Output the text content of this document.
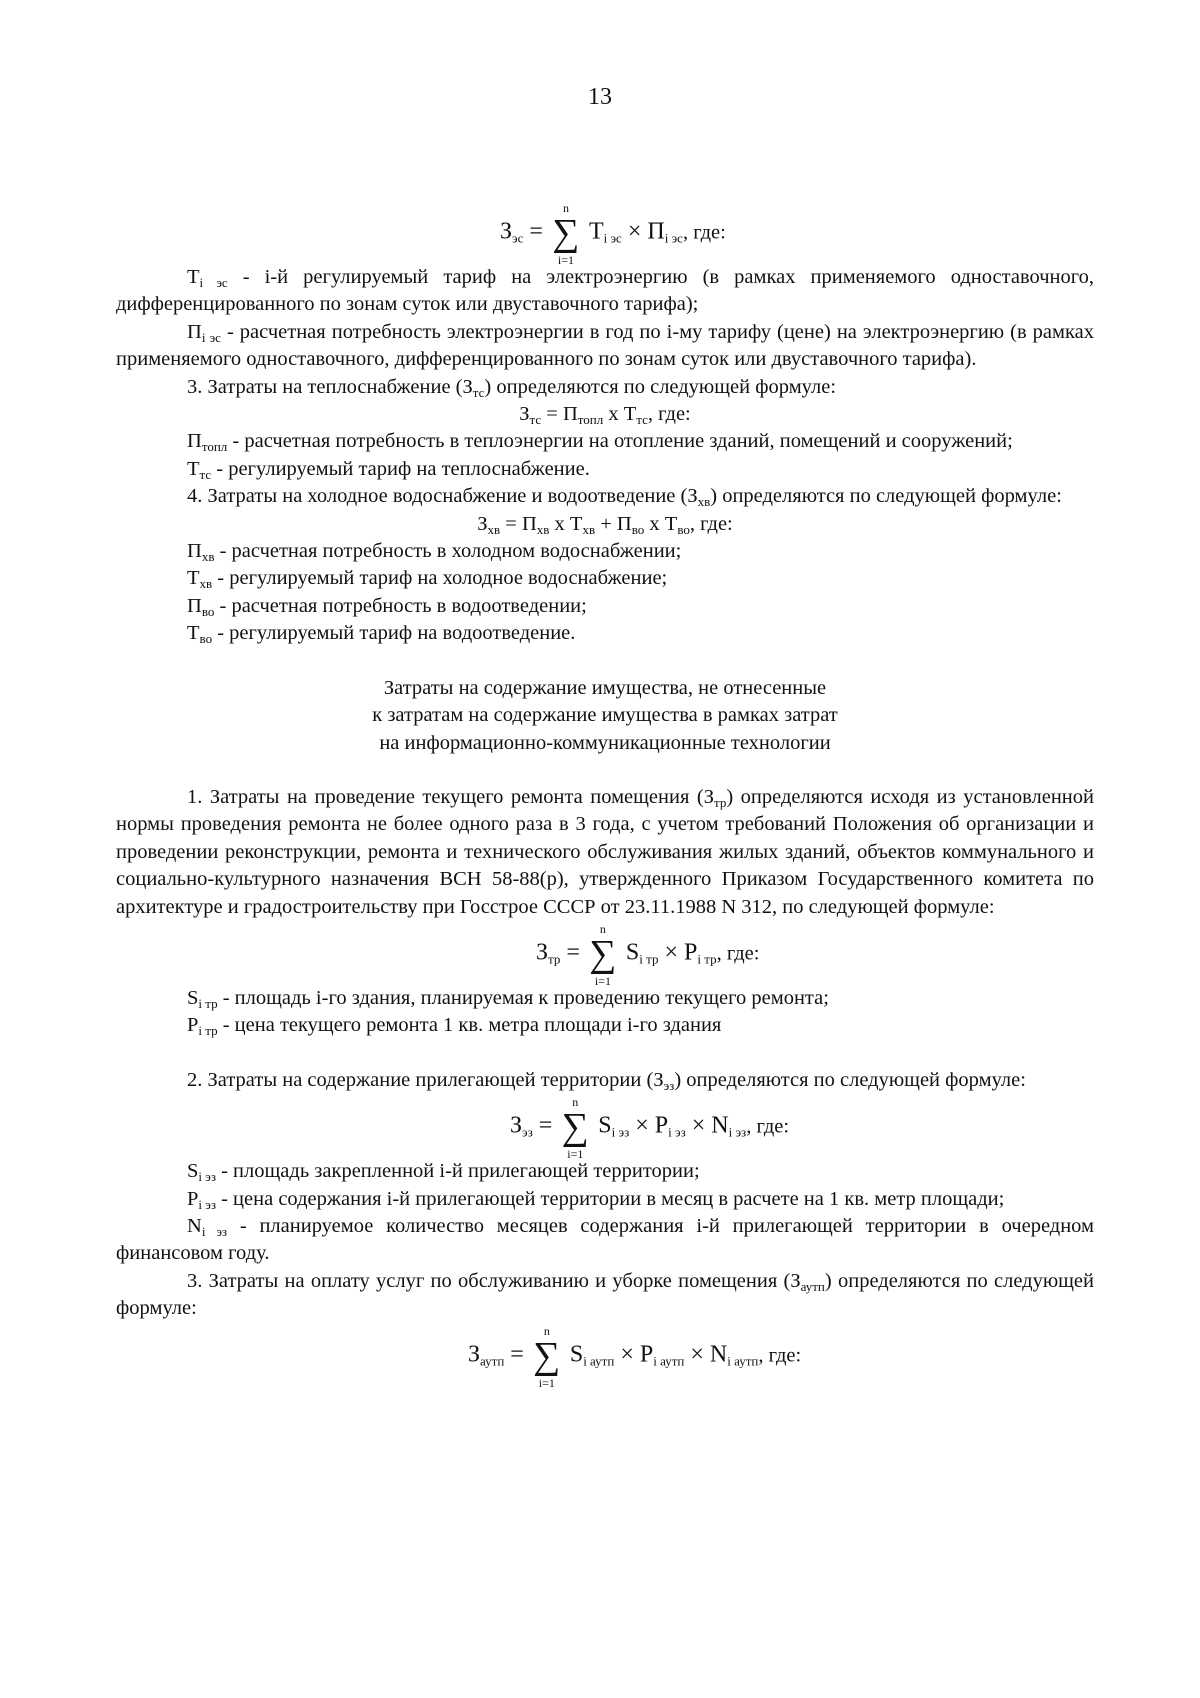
13
$З_{эс}$ =
n
∑
i=1
$Т_{i эс} \times П_{i эс}$, где:

$Т_{i эс} - i-й$ регулируемый тариф на электроэнергию (в рамках применяемого одноставочного, дифференцированного по зонам суток или двуставочного тарифа);

$П_{i эс}$ - расчетная потребность электроэнергии в год по i-му тарифу (цене) на электроэнергию (в рамках применяемого одноставочного, дифференцированного по зонам суток или двуставочного тарифа).

3. Затраты на теплоснабжение $(З_{тс})$ определяются по следующей формуле:

$З_{тс} = П_{топл}$ x $Т_{тс}$, где:

$П_{топл}$ - расчетная потребность в теплоэнергии на отопление зданий, помещений и сооружений;

$Т_{тс}$ - регулируемый тариф на теплоснабжение.

4. Затраты на холодное водоснабжение и водоотведение $(З_{хв})$ определяются по следующей формуле:

$З_{хв} = П_{хв}$ x $Т_{хв} + П_{во}$ x $Т_{во}$, где:

$П_{хв}$ - расчетная потребность в холодном водоснабжении;

$Т_{хв}$ - регулируемый тариф на холодное водоснабжение;

$П_{во}$ - расчетная потребность в водоотведении;

$Т_{во}$ - регулируемый тариф на водоотведение.

Затраты на содержание имущества, не отнесенные
к затратам на содержание имущества в рамках затрат
на информационно-коммуникационные технологии

1. Затраты на проведение текущего ремонта помещения $(З_{тр})$ определяются исходя из установленной нормы проведения ремонта не более одного раза в 3 года, с учетом требований Положения об организации и проведении реконструкции, ремонта и технического обслуживания жилых зданий, объектов коммунального и социально-культурного назначения ВСН 58-88(р), утвержденного Приказом Государственного комитета по архитектуре и градостроительству при Госстрое СССР от 23.11.1988 N 312, по следующей формуле:

$З_{тр}$ =
n
∑
i=1
$S_{i тр} \times P_{i тр}$, где:

$S_{i тр}$ - площадь i-го здания, планируемая к проведению текущего ремонта;

$P_{i тр}$ - цена текущего ремонта 1 кв. метра площади i-го здания

2. Затраты на содержание прилегающей территории $(З_{эз})$ определяются по следующей формуле:

$З_{эз}$ =
n
∑
i=1
$S_{i эз} \times P_{i эз} \times N_{i эз}$, где:

$S_{i эз}$ - площадь закрепленной i-й прилегающей территории;

$P_{i эз}$ - цена содержания i-й прилегающей территории в месяц в расчете на 1 кв. метр площади;

$N_{i эз}$ - планируемое количество месяцев содержания i-й прилегающей территории в очередном финансовом году.

3. Затраты на оплату услуг по обслуживанию и уборке помещения $(З_{аутп})$ определяются по следующей формуле:

$З_{аутп}$ =
n
∑
i=1
$S_{i аутп} \times P_{i аутп} \times N_{i аутп}$, где:
